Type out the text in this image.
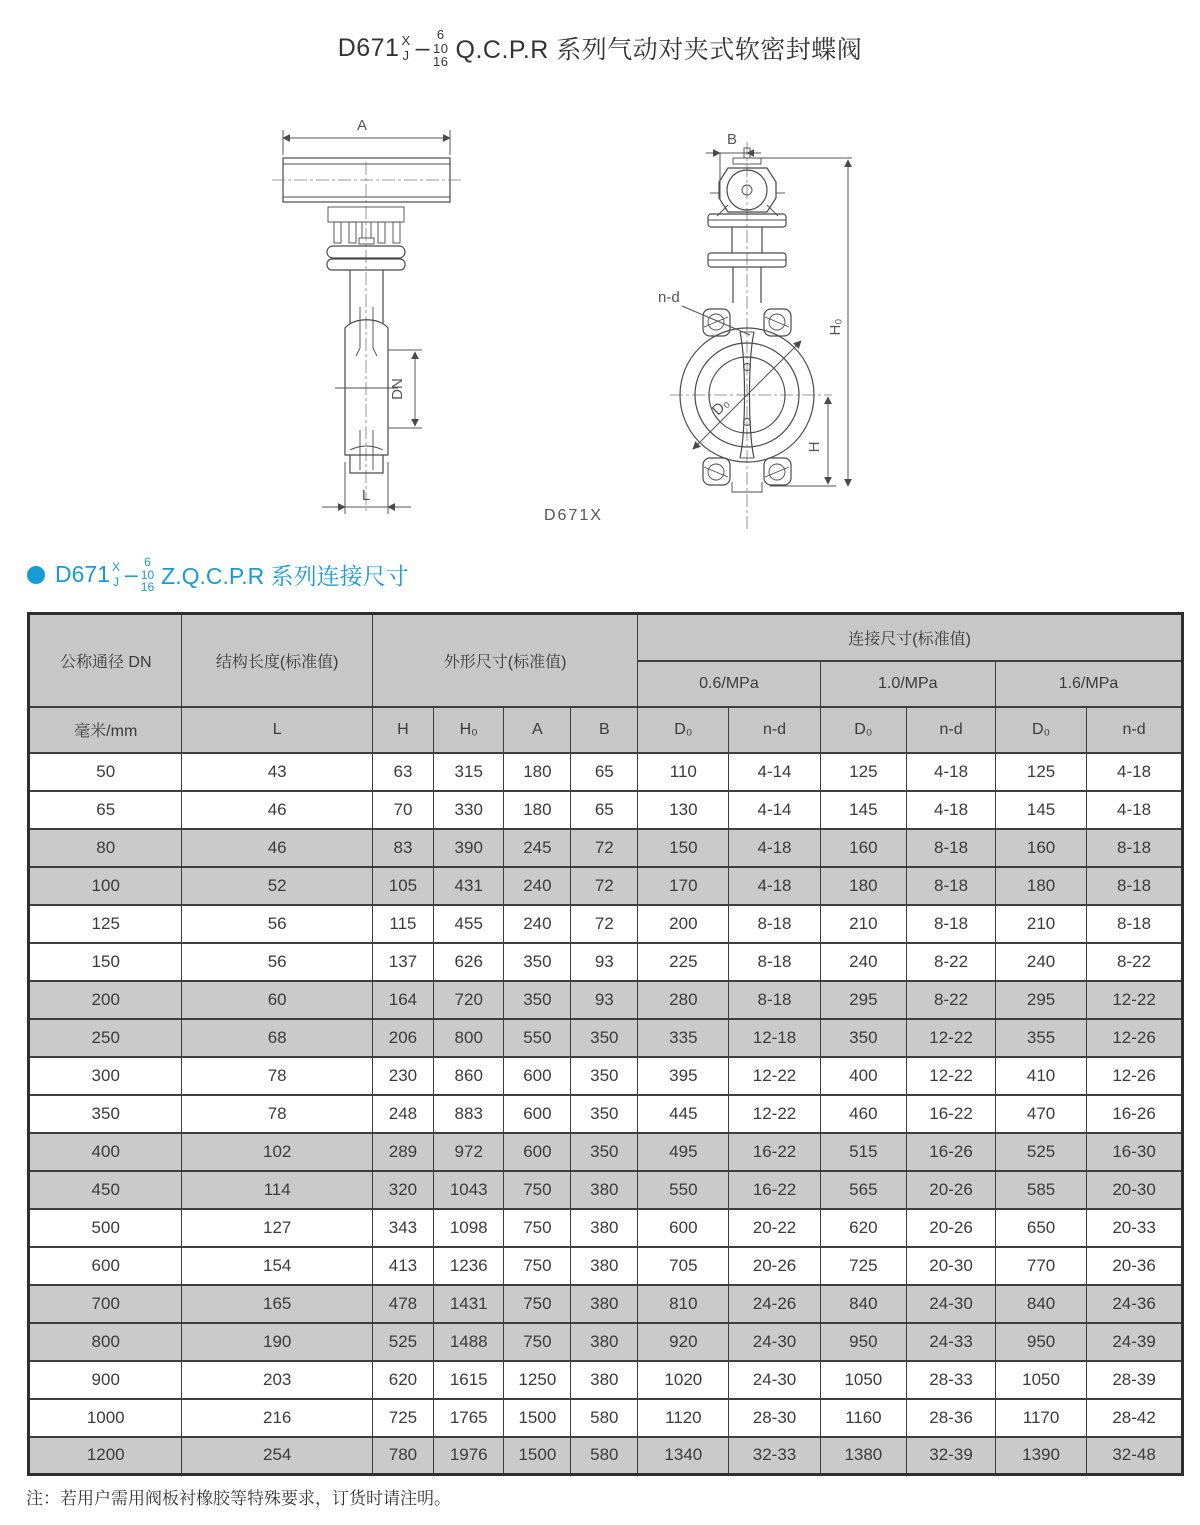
D671 X
J – 6
10
16 Q.C.P.R 系列气动对夹式软密封蝶阀
A
DN
L
B
D₀
n-d
H
H₀
D671X
D671 X
J – 6
10
16 Z.Q.C.P.R 系列连接尺寸
公称通径 DN	结构长度(标准值)	外形尺寸(标准值)				连接尺寸(标准值)					
						0.6/MPa		1.0/MPa		1.6/MPa	
毫米/mm	L	H	H₀	A	B	D₀	n-d	D₀	n-d	D₀	n-d
50	43	63	315	180	65	110	4-14	125	4-18	125	4-18
65	46	70	330	180	65	130	4-14	145	4-18	145	4-18
80	46	83	390	245	72	150	4-18	160	8-18	160	8-18
100	52	105	431	240	72	170	4-18	180	8-18	180	8-18
125	56	115	455	240	72	200	8-18	210	8-18	210	8-18
150	56	137	626	350	93	225	8-18	240	8-22	240	8-22
200	60	164	720	350	93	280	8-18	295	8-22	295	12-22
250	68	206	800	550	350	335	12-18	350	12-22	355	12-26
300	78	230	860	600	350	395	12-22	400	12-22	410	12-26
350	78	248	883	600	350	445	12-22	460	16-22	470	16-26
400	102	289	972	600	350	495	16-22	515	16-26	525	16-30
450	114	320	1043	750	380	550	16-22	565	20-26	585	20-30
500	127	343	1098	750	380	600	20-22	620	20-26	650	20-33
600	154	413	1236	750	380	705	20-26	725	20-30	770	20-36
700	165	478	1431	750	380	810	24-26	840	24-30	840	24-36
800	190	525	1488	750	380	920	24-30	950	24-33	950	24-39
900	203	620	1615	1250	380	1020	24-30	1050	28-33	1050	28-39
1000	216	725	1765	1500	580	1120	28-30	1160	28-36	1170	28-42
1200	254	780	1976	1500	580	1340	32-33	1380	32-39	1390	32-48
注：若用户需用阀板衬橡胶等特殊要求，订货时请注明。
